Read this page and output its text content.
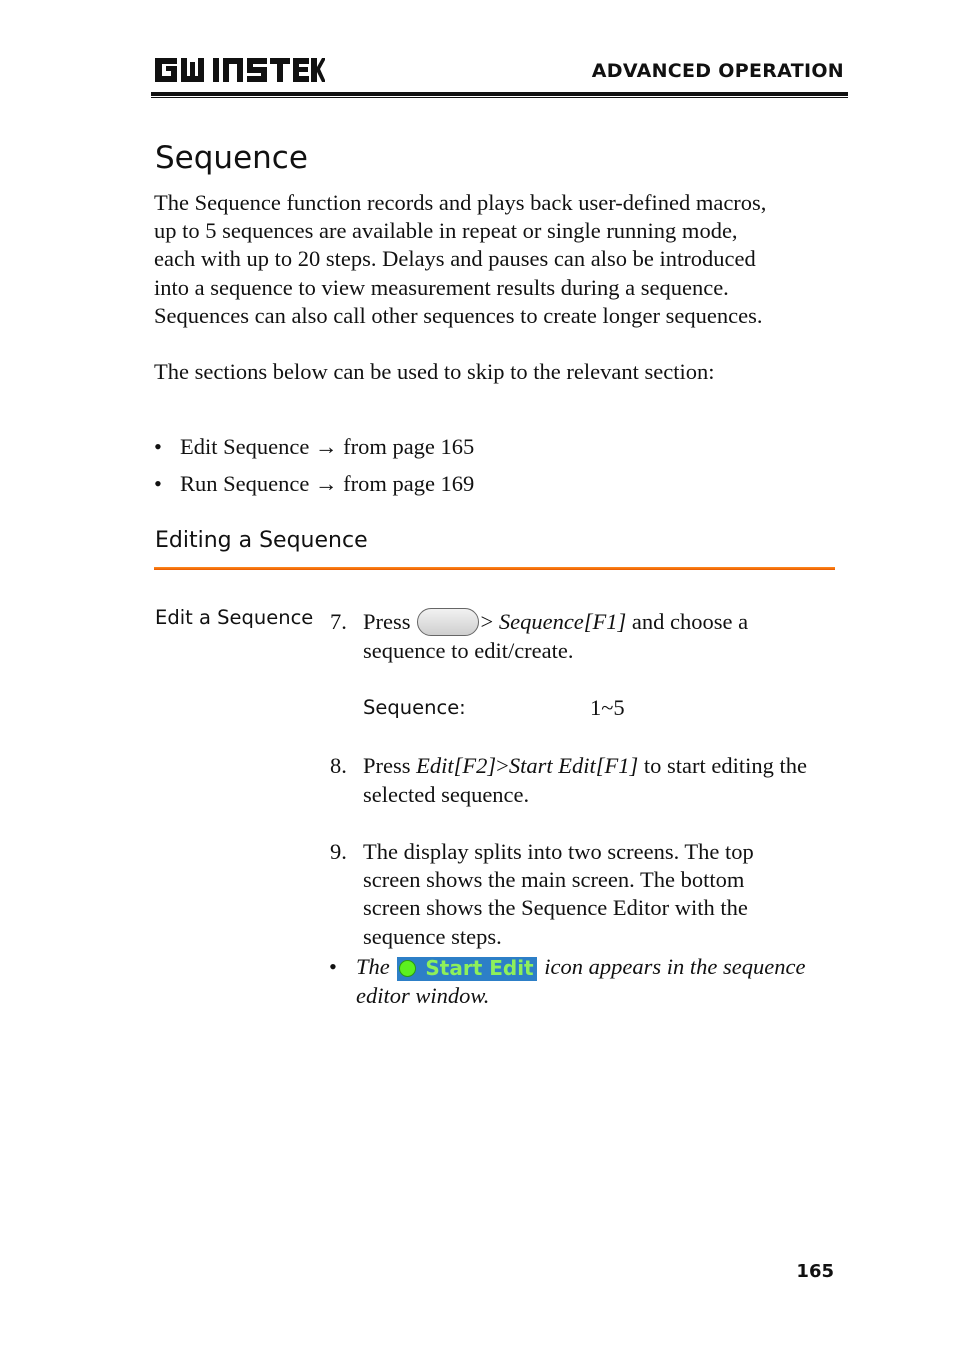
ADVANCED OPERATION
Sequence
The Sequence function records and plays back user-defined macros,
up to 5 sequences are available in repeat or single running mode,
each with up to 20 steps. Delays and pauses can also be introduced
into a sequence to view measurement results during a sequence.
Sequences can also call other sequences to create longer sequences.
The sections below can be used to skip to the relevant section:
• Edit Sequence → from page 165
• Run Sequence → from page 169
Editing a Sequence
Edit a Sequence 7. Press	> Sequence[F1] and choose a
sequence to edit/create.
Sequence:	1~5
8. Press Edit[F2]>Start Edit[F1] to start editing the
selected sequence.
9. The display splits into two screens. The top
screen shows the main screen. The bottom
screen shows the Sequence Editor with the
sequence steps.
• The Start Edit icon appears in the sequence
editor window.
165
